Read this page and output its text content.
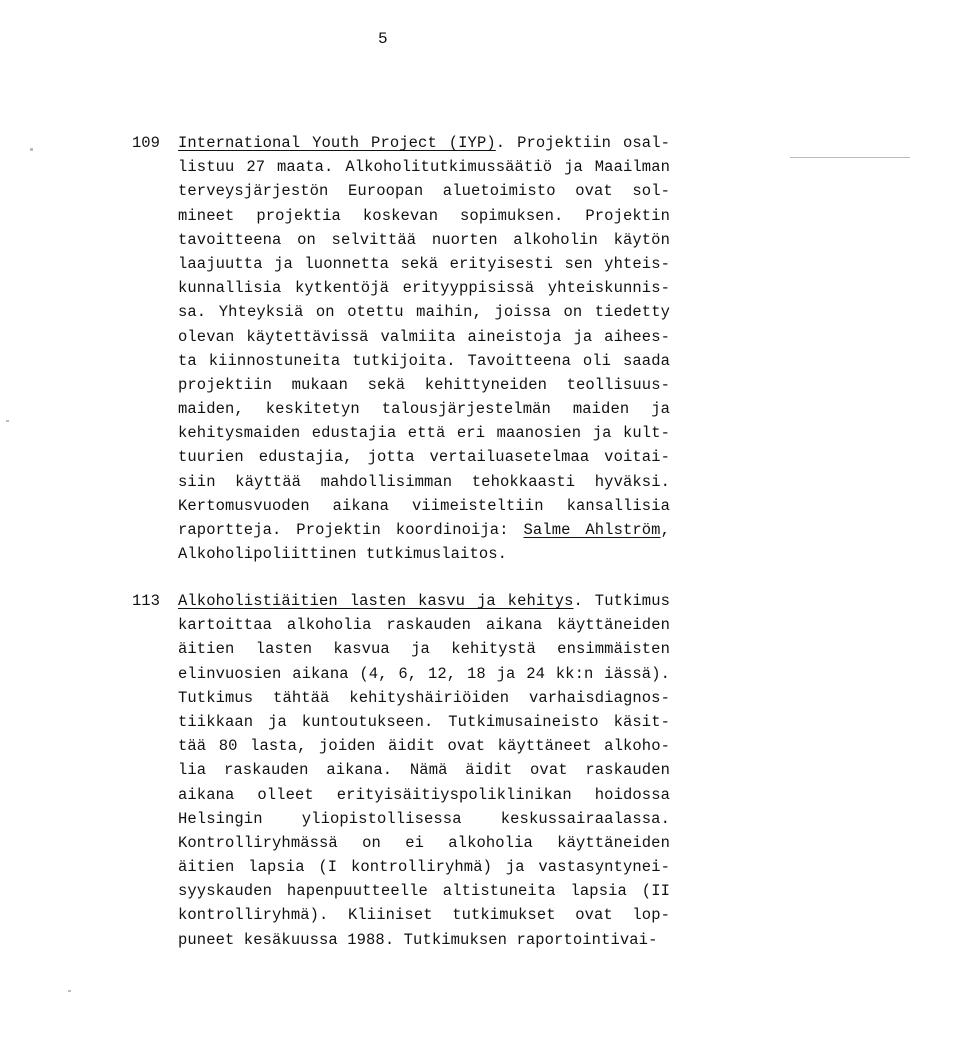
5
109 International Youth Project (IYP). Projektiin osal-
listuu 27 maata. Alkoholitutkimussäätiö ja Maailman
terveysjärjestön Euroopan aluetoimisto ovat sol-
mineet projektia koskevan sopimuksen. Projektin
tavoitteena on selvittää nuorten alkoholin käytön
laajuutta ja luonnetta sekä erityisesti sen yhteis-
kunnallisia kytkentöjä erityyppisissä yhteiskunnis-
sa. Yhteyksiä on otettu maihin, joissa on tiedetty
olevan käytettävissä valmiita aineistoja ja aihees-
ta kiinnostuneita tutkijoita. Tavoitteena oli saada
projektiin mukaan sekä kehittyneiden teollisuus-
maiden, keskitetyn talousjärjestelmän maiden ja
kehitysmaiden edustajia että eri maanosien ja kult-
tuurien edustajia, jotta vertailuasetelmaa voitai-
siin käyttää mahdollisimman tehokkaasti hyväksi.
Kertomusvuoden aikana viimeisteltiin kansallisia
raportteja. Projektin koordinoija: Salme Ahlström,
Alkoholipoliittinen tutkimuslaitos.
113 Alkoholistiäitien lasten kasvu ja kehitys. Tutkimus
kartoittaa alkoholia raskauden aikana käyttäneiden
äitien lasten kasvua ja kehitystä ensimmäisten
elinvuosien aikana (4, 6, 12, 18 ja 24 kk:n iässä).
Tutkimus tähtää kehityshäiriöiden varhaisdiagnos-
tiikkaan ja kuntoutukseen. Tutkimusaineisto käsit-
tää 80 lasta, joiden äidit ovat käyttäneet alkoho-
lia raskauden aikana. Nämä äidit ovat raskauden
aikana olleet erityisäitiyspoliklinikan hoidossa
Helsingin yliopistollisessa keskussairaalassa.
Kontrolliryhmässä on ei alkoholia käyttäneiden
äitien lapsia (I kontrolliryhmä) ja vastasyntynei-
syyskauden hapenpuutteelle altistuneita lapsia (II
kontrolliryhmä). Kliiniset tutkimukset ovat lop-
puneet kesäkuussa 1988. Tutkimuksen raportointivai-
